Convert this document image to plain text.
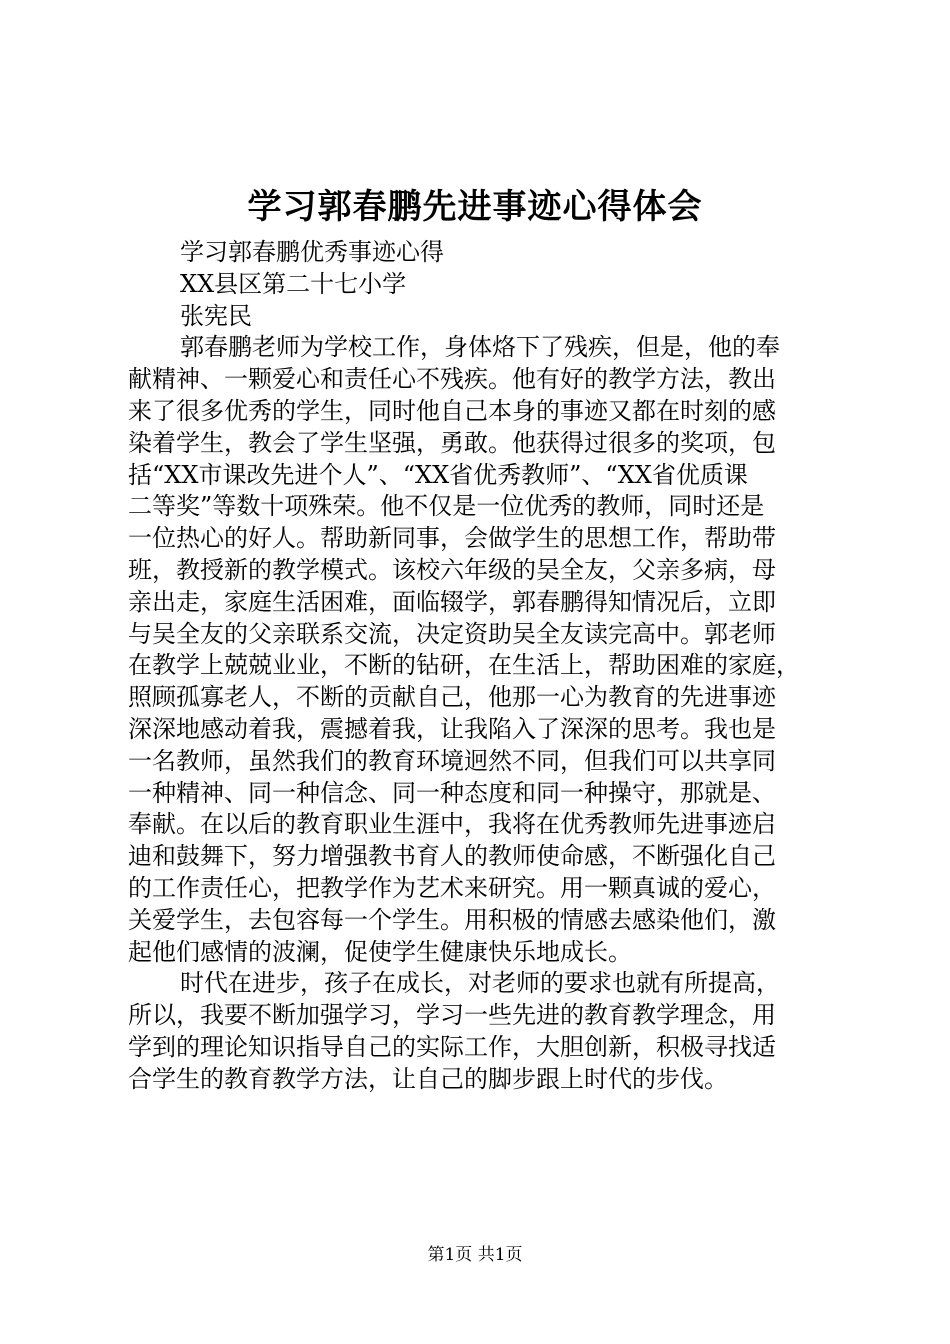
学习郭春鹏先进事迹心得体会
学习郭春鹏优秀事迹心得
XX县区第二十七小学
张宪民
郭春鹏老师为学校工作，身体烙下了残疾，但是，他的奉
献精神、一颗爱心和责任心不残疾。他有好的教学方法，教出
来了很多优秀的学生，同时他自己本身的事迹又都在时刻的感
染着学生，教会了学生坚强，勇敢。他获得过很多的奖项，包
括“XX市课改先进个人”、“XX省优秀教师”、“XX省优质课
二等奖”等数十项殊荣。他不仅是一位优秀的教师，同时还是
一位热心的好人。帮助新同事，会做学生的思想工作，帮助带
班，教授新的教学模式。该校六年级的吴全友，父亲多病，母
亲出走，家庭生活困难，面临辍学，郭春鹏得知情况后，立即
与吴全友的父亲联系交流，决定资助吴全友读完高中。郭老师
在教学上兢兢业业，不断的钻研，在生活上，帮助困难的家庭，
照顾孤寡老人，不断的贡献自己，他那一心为教育的先进事迹
深深地感动着我，震撼着我，让我陷入了深深的思考。我也是
一名教师，虽然我们的教育环境迥然不同，但我们可以共享同
一种精神、同一种信念、同一种态度和同一种操守，那就是、
奉献。在以后的教育职业生涯中，我将在优秀教师先进事迹启
迪和鼓舞下，努力增强教书育人的教师使命感，不断强化自己
的工作责任心，把教学作为艺术来研究。用一颗真诚的爱心，
关爱学生，去包容每一个学生。用积极的情感去感染他们，激
起他们感情的波澜，促使学生健康快乐地成长。
时代在进步，孩子在成长，对老师的要求也就有所提高，
所以，我要不断加强学习，学习一些先进的教育教学理念，用
学到的理论知识指导自己的实际工作，大胆创新，积极寻找适
合学生的教育教学方法，让自己的脚步跟上时代的步伐。
第1页 共1页
